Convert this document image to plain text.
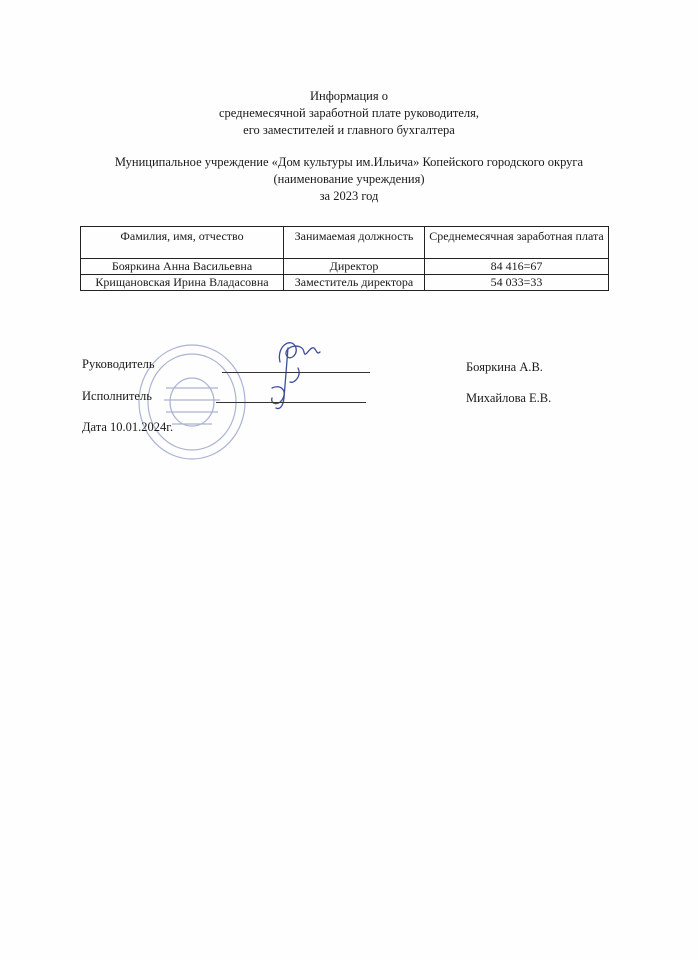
Информация о
среднемесячной заработной плате руководителя,
его заместителей и главного бухгалтера
Муниципальное учреждение «Дом культуры им.Ильича» Копейского городского округа
(наименование учреждения)
за 2023 год
Фамилия, имя, отчество	Занимаемая должность	Среднемесячная заработная плата
Бояркина Анна Васильевна	Директор	84 416=67
Крищановская Ирина Владасовна	Заместитель директора	54 033=33
Руководитель	Бояркина А.В.
Исполнитель	Михайлова Е.В.
Дата 10.01.2024г.
